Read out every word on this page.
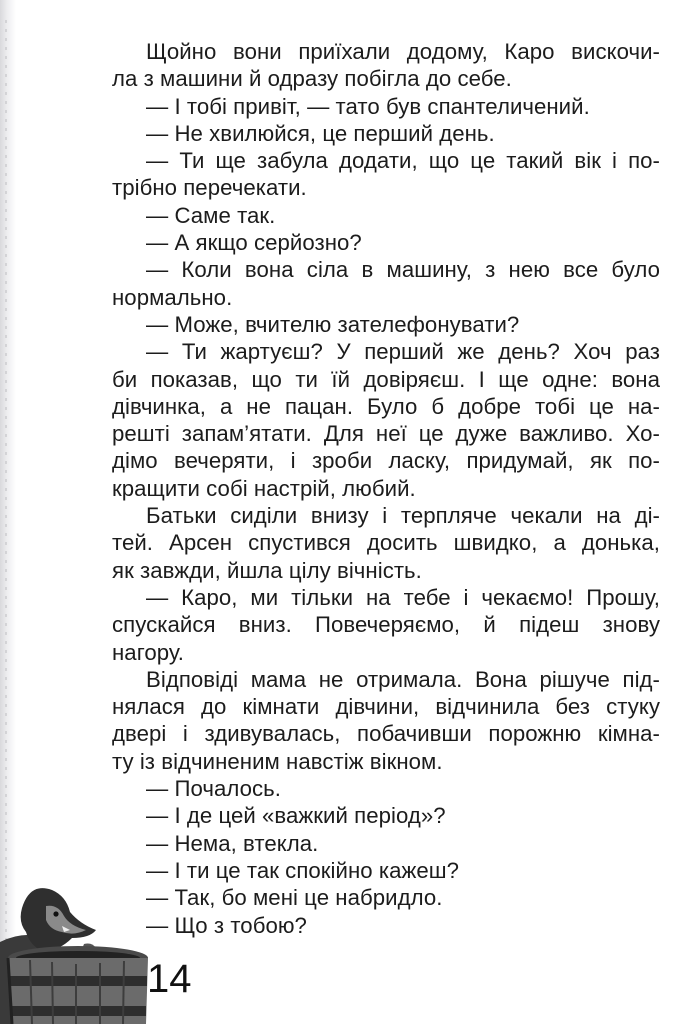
Щойно вони приїхали додому, Каро вискочи-
ла з машини й одразу побігла до себе.
— І тобі привіт, — тато був спантеличений.
— Не хвилюйся, це перший день.
— Ти ще забула додати, що це такий вік і по-
трібно перечекати.
— Саме так.
— А якщо серйозно?
— Коли вона сіла в машину, з нею все було
нормально.
— Може, вчителю зателефонувати?
— Ти жартуєш? У перший же день? Хоч раз
би показав, що ти їй довіряєш. І ще одне: вона
дівчинка, а не пацан. Було б добре тобі це на-
решті запам’ятати. Для неї це дуже важливо. Хо-
дімо вечеряти, і зроби ласку, придумай, як по-
кращити собі настрій, любий.
Батьки сиділи внизу і терпляче чекали на ді-
тей. Арсен спустився досить швидко, а донька,
як завжди, йшла цілу вічність.
— Каро, ми тільки на тебе і чекаємо! Прошу,
спускайся вниз. Повечеряємо, й підеш знову
нагору.
Відповіді мама не отримала. Вона рішуче під-
нялася до кімнати дівчини, відчинила без стуку
двері і здивувалась, побачивши порожню кімна-
ту із відчиненим навстіж вікном.
— Почалось.
— І де цей «важкий період»?
— Нема, втекла.
— І ти це так спокійно кажеш?
— Так, бо мені це набридло.
— Що з тобою?
14
